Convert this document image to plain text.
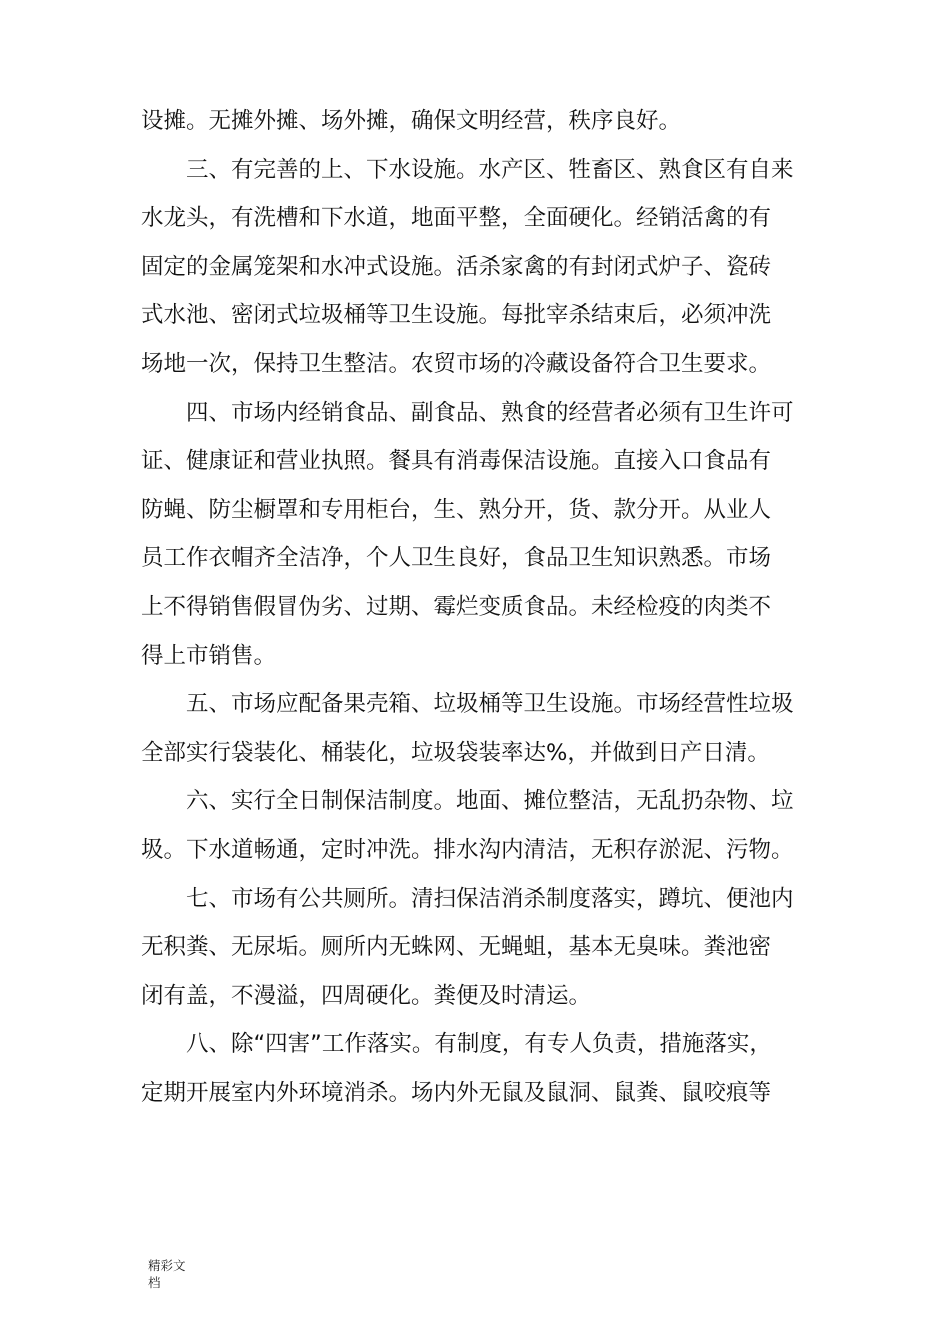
设摊。无摊外摊、场外摊，确保文明经营，秩序良好。
　　三、有完善的上、下水设施。水产区、牲畜区、熟食区有自来
水龙头，有洗槽和下水道，地面平整，全面硬化。经销活禽的有
固定的金属笼架和水冲式设施。活杀家禽的有封闭式炉子、瓷砖
式水池、密闭式垃圾桶等卫生设施。每批宰杀结束后，必须冲洗
场地一次，保持卫生整洁。农贸市场的冷藏设备符合卫生要求。
　　四、市场内经销食品、副食品、熟食的经营者必须有卫生许可
证、健康证和营业执照。餐具有消毒保洁设施。直接入口食品有
防蝇、防尘橱罩和专用柜台，生、熟分开，货、款分开。从业人
员工作衣帽齐全洁净，个人卫生良好，食品卫生知识熟悉。市场
上不得销售假冒伪劣、过期、霉烂变质食品。未经检疫的肉类不
得上市销售。
　　五、市场应配备果壳箱、垃圾桶等卫生设施。市场经营性垃圾
全部实行袋装化、桶装化，垃圾袋装率达%，并做到日产日清。
　　六、实行全日制保洁制度。地面、摊位整洁，无乱扔杂物、垃
圾。下水道畅通，定时冲洗。排水沟内清洁，无积存淤泥、污物。
　　七、市场有公共厕所。清扫保洁消杀制度落实，蹲坑、便池内
无积粪、无尿垢。厕所内无蛛网、无蝇蛆，基本无臭味。粪池密
闭有盖，不漫溢，四周硬化。粪便及时清运。
　　八、除“四害”工作落实。有制度，有专人负责，措施落实，
定期开展室内外环境消杀。场内外无鼠及鼠洞、鼠粪、鼠咬痕等
精彩文
档
